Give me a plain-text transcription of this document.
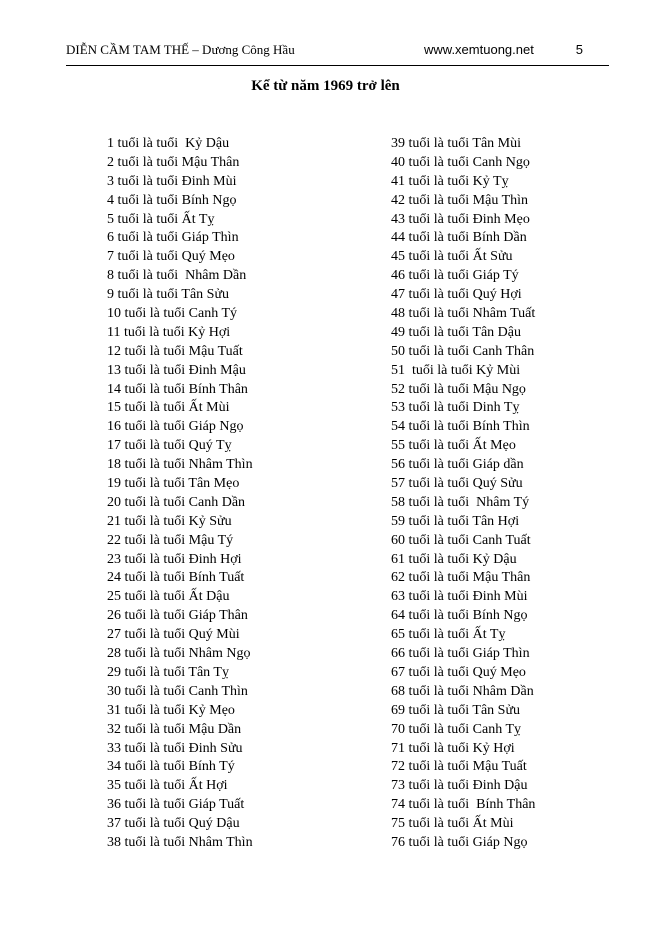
DIỄN CẦM TAM THẾ – Dương Công Hầu	www.xemtuong.net	5
Kể từ năm 1969 trở lên
1 tuổi là tuổi  Kỷ Dậu
2 tuổi là tuổi Mậu Thân
3 tuổi là tuổi Đinh Mùi
4 tuổi là tuổi Bính Ngọ
5 tuổi là tuổi Ất Tỵ
6 tuổi là tuổi Giáp Thìn
7 tuổi là tuổi Quý Mẹo
8 tuổi là tuổi  Nhâm Dần
9 tuổi là tuổi Tân Sửu
10 tuổi là tuổi Canh Tý
11 tuổi là tuổi Kỷ Hợi
12 tuổi là tuổi Mậu Tuất
13 tuổi là tuổi Đinh Mậu
14 tuổi là tuổi Bính Thân
15 tuổi là tuổi Ất Mùi
16 tuổi là tuổi Giáp Ngọ
17 tuổi là tuổi Quý Tỵ
18 tuổi là tuổi Nhâm Thìn
19 tuổi là tuổi Tân Mẹo
20 tuổi là tuổi Canh Dần
21 tuổi là tuổi Kỷ Sửu
22 tuổi là tuổi Mậu Tý
23 tuổi là tuổi Đinh Hợi
24 tuổi là tuổi Bính Tuất
25 tuổi là tuổi Ất Dậu
26 tuổi là tuổi Giáp Thân
27 tuổi là tuổi Quý Mùi
28 tuổi là tuổi Nhâm Ngọ
29 tuổi là tuổi Tân Tỵ
30 tuổi là tuổi Canh Thìn
31 tuổi là tuổi Kỷ Mẹo
32 tuổi là tuổi Mậu Dần
33 tuổi là tuổi Đinh Sửu
34 tuổi là tuổi Bính Tý
35 tuổi là tuổi Ất Hợi
36 tuổi là tuổi Giáp Tuất
37 tuổi là tuổi Quý Dậu
38 tuổi là tuổi Nhâm Thìn
39 tuổi là tuổi Tân Mùi
40 tuổi là tuổi Canh Ngọ
41 tuổi là tuổi Kỷ Tỵ
42 tuổi là tuổi Mậu Thìn
43 tuổi là tuổi Đinh Mẹo
44 tuổi là tuổi Bính Dần
45 tuổi là tuổi Ất Sửu
46 tuổi là tuổi Giáp Tý
47 tuổi là tuổi Quý Hợi
48 tuổi là tuổi Nhâm Tuất
49 tuổi là tuổi Tân Dậu
50 tuổi là tuổi Canh Thân
51  tuổi là tuổi Kỷ Mùi
52 tuổi là tuổi Mậu Ngọ
53 tuổi là tuổi Dinh Tỵ
54 tuổi là tuổi Bính Thìn
55 tuổi là tuổi Ất Mẹo
56 tuổi là tuổi Giáp dần
57 tuổi là tuổi Quý Sửu
58 tuổi là tuổi  Nhâm Tý
59 tuổi là tuổi Tân Hợi
60 tuổi là tuổi Canh Tuất
61 tuổi là tuổi Kỷ Dậu
62 tuổi là tuổi Mậu Thân
63 tuổi là tuổi Đinh Mùi
64 tuổi là tuổi Bính Ngọ
65 tuổi là tuổi Ất Tỵ
66 tuổi là tuổi Giáp Thìn
67 tuổi là tuổi Quý Mẹo
68 tuổi là tuổi Nhâm Dần
69 tuổi là tuổi Tân Sửu
70 tuổi là tuổi Canh Tỵ
71 tuổi là tuổi Kỷ Hợi
72 tuổi là tuổi Mậu Tuất
73 tuổi là tuổi Đinh Dậu
74 tuổi là tuổi  Bính Thân
75 tuổi là tuổi Ất Mùi
76 tuổi là tuổi Giáp Ngọ
